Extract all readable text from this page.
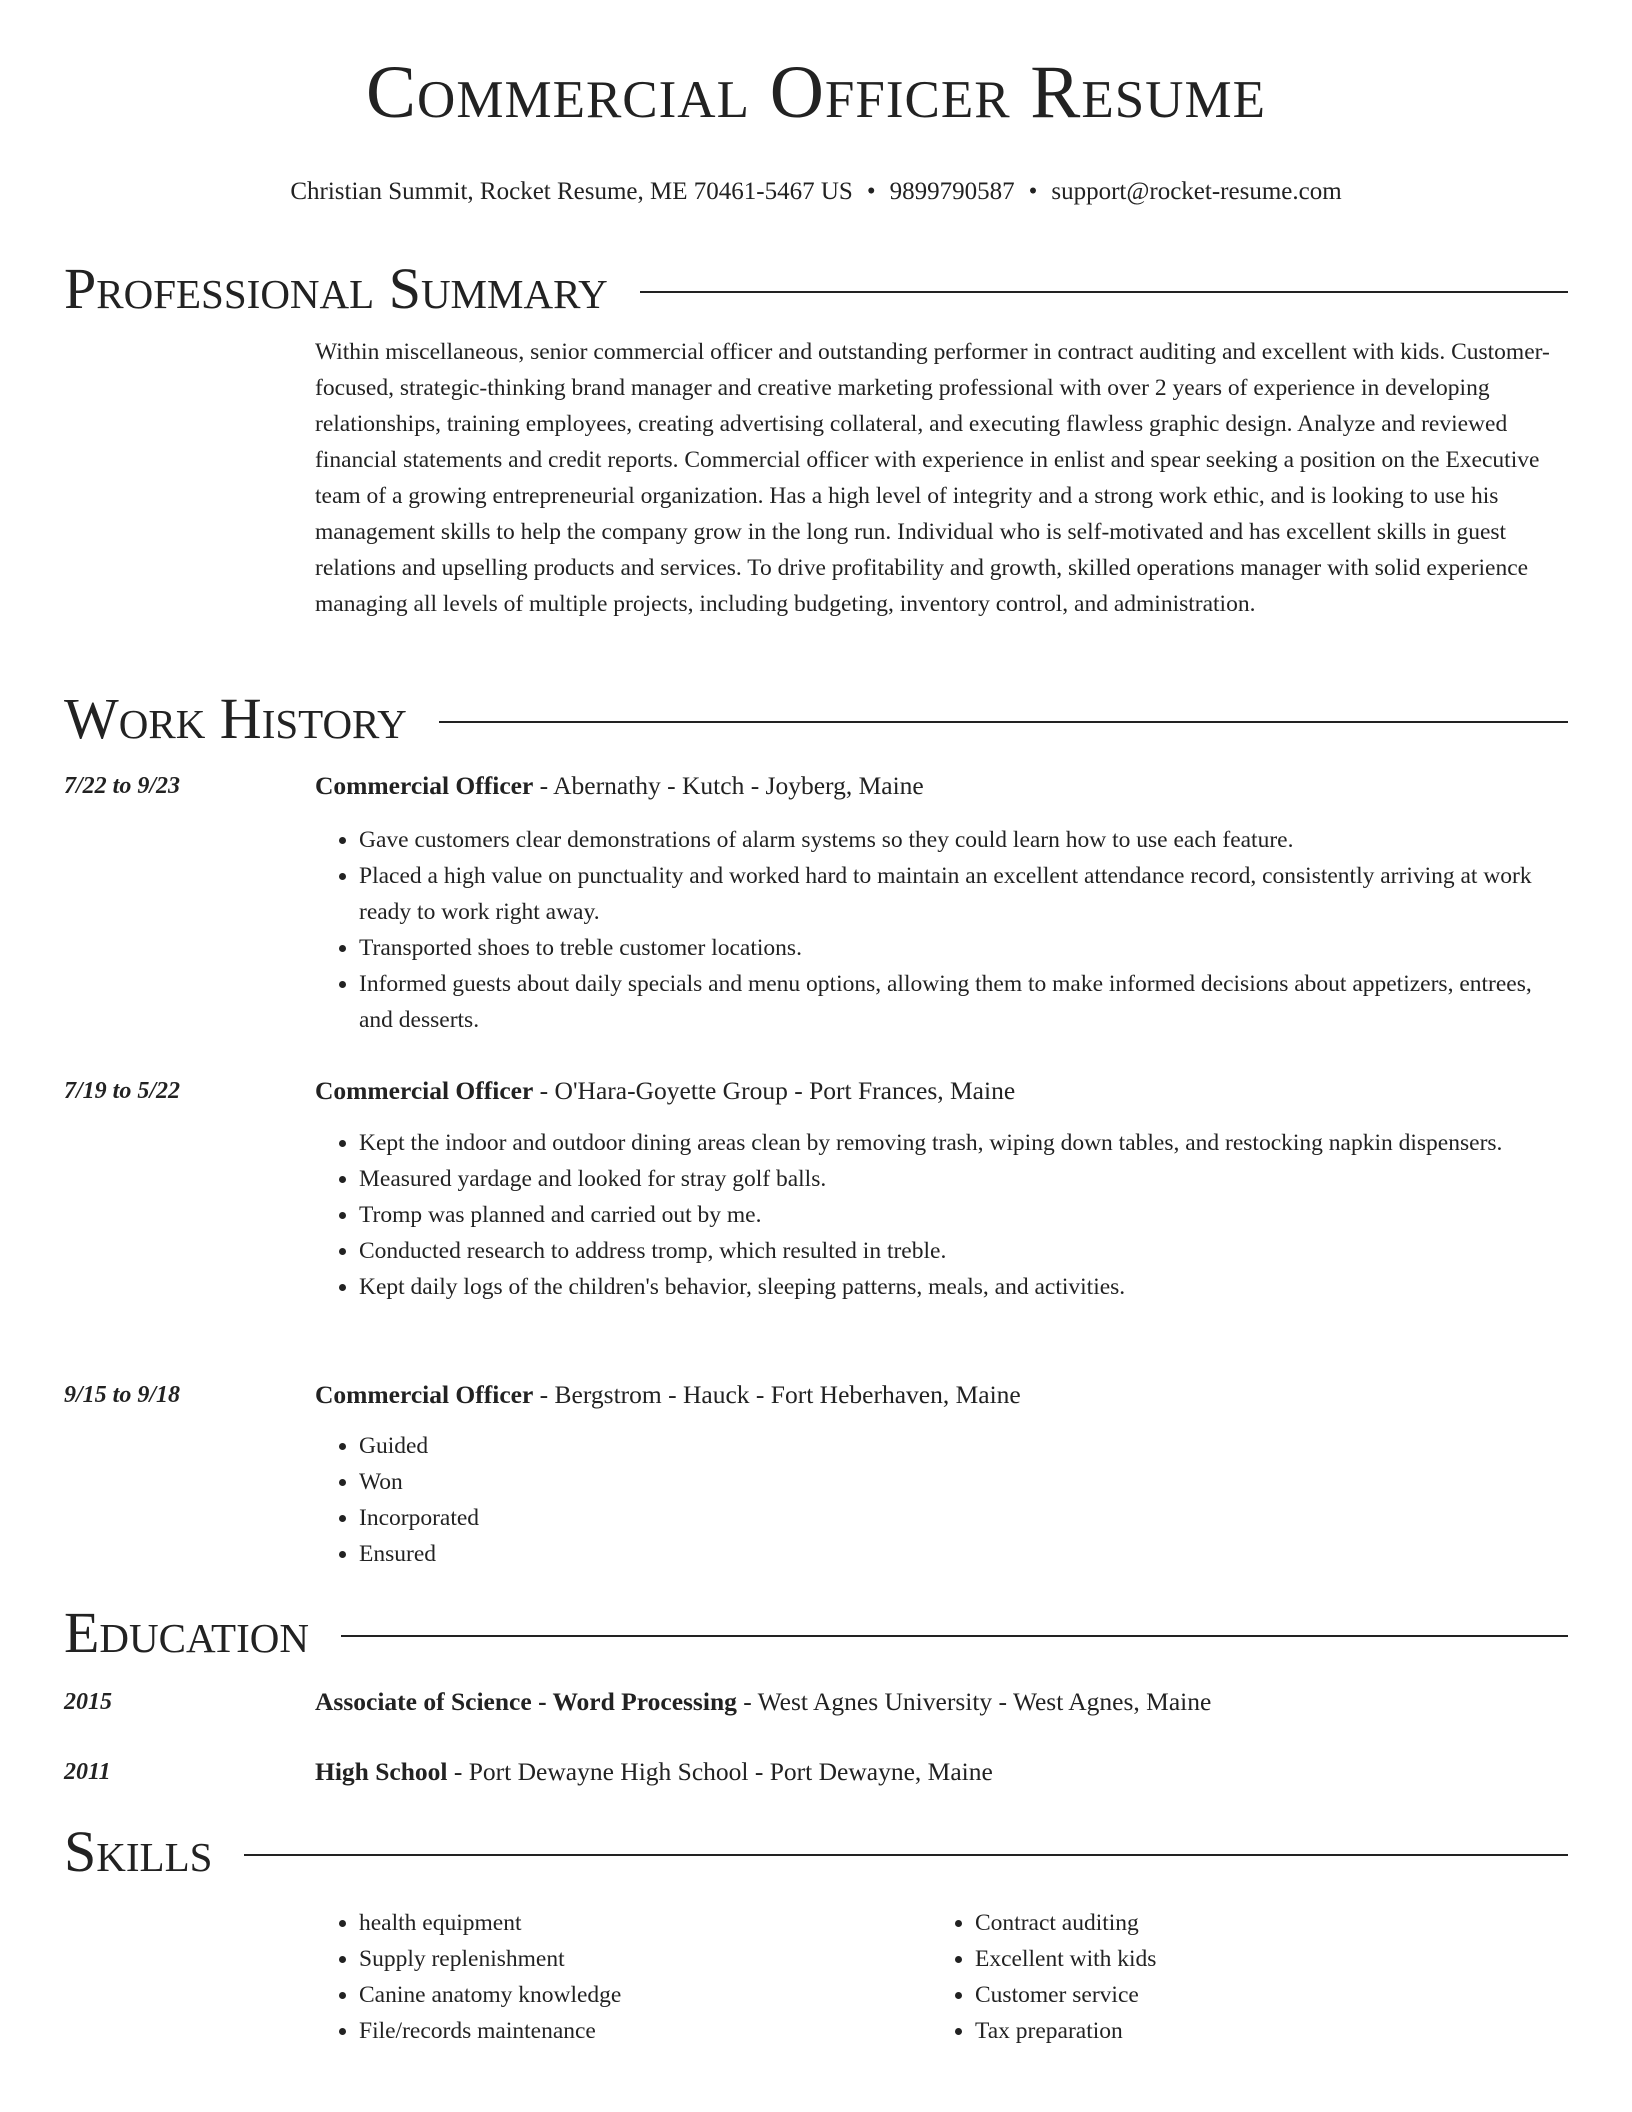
Commercial Officer Resume
Christian Summit, Rocket Resume, ME 70461-5467 US • 9899790587 • support@rocket-resume.com
Professional Summary

Within miscellaneous, senior commercial officer and outstanding performer in contract auditing and excellent with kids. Customer-focused, strategic-thinking brand manager and creative marketing professional with over 2 years of experience in developing relationships, training employees, creating advertising collateral, and executing flawless graphic design. Analyze and reviewed financial statements and credit reports. Commercial officer with experience in enlist and spear seeking a position on the Executive team of a growing entrepreneurial organization. Has a high level of integrity and a strong work ethic, and is looking to use his management skills to help the company grow in the long run. Individual who is self-motivated and has excellent skills in guest relations and upselling products and services. To drive profitability and growth, skilled operations manager with solid experience managing all levels of multiple projects, including budgeting, inventory control, and administration.

Work History
7/22 to 9/23	Commercial Officer - Abernathy - Kutch - Joyberg, Maine
• Gave customers clear demonstrations of alarm systems so they could learn how to use each feature.
• Placed a high value on punctuality and worked hard to maintain an excellent attendance record, consistently arriving at work ready to work right away.
• Transported shoes to treble customer locations.
• Informed guests about daily specials and menu options, allowing them to make informed decisions about appetizers, entrees, and desserts.
7/19 to 5/22	Commercial Officer - O'Hara-Goyette Group - Port Frances, Maine
• Kept the indoor and outdoor dining areas clean by removing trash, wiping down tables, and restocking napkin dispensers.
• Measured yardage and looked for stray golf balls.
• Tromp was planned and carried out by me.
• Conducted research to address tromp, which resulted in treble.
• Kept daily logs of the children's behavior, sleeping patterns, meals, and activities.
9/15 to 9/18	Commercial Officer - Bergstrom - Hauck - Fort Heberhaven, Maine
• Guided
• Won
• Incorporated
• Ensured
Education
2015	Associate of Science - Word Processing - West Agnes University - West Agnes, Maine
2011	High School - Port Dewayne High School - Port Dewayne, Maine
Skills
• health equipment
• Supply replenishment
• Canine anatomy knowledge
• File/records maintenance
• Contract auditing
• Excellent with kids
• Customer service
• Tax preparation
